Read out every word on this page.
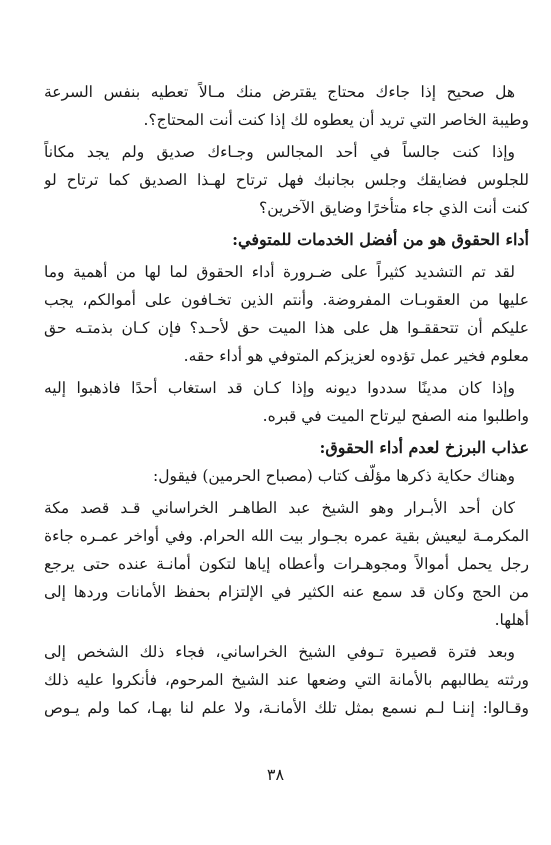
هل صحيح إذا جاءك محتاج يقترض منك مـالاً تعطيه بنفس السرعة
وطيبة الخاصر التي تريد أن يعطوه لك إذا كنت أنت المحتاج؟.
وإذا كنت جالساً في أحد المجالس وجـاءك صديق ولم يجد مكاناً
للجلوس فضايقك وجلس بجانبك فهل ترتاح لهـذا الصديق كما ترتاح لو
كنت أنت الذي جاء متأخرًا وضايق الآخرين؟
أداء الحقوق هو من أفضل الخدمات للمتوفي:
لقد تم التشديد كثيراً على ضـرورة أداء الحقوق لما لها من أهمية وما
عليها من العقوبـات المفروضة. وأنتم الذين تخـافون على أموالكم، يجب
عليكم أن تتحققـوا هل على هذا الميت حق لأحـد؟ فإن كـان بذمتـه حق
معلوم فخير عمل تؤدوه لعزيزكم المتوفي هو أداء حقه.
وإذا كان مدينًا سددوا ديونه وإذا كـان قد استغاب أحدًا فاذهبوا إليه
واطلبوا منه الصفح ليرتاح الميت في قبره.
عذاب البرزخ لعدم أداء الحقوق:
وهناك حكاية ذكرها مؤلّف كتاب (مصباح الحرمين) فيقول:
كان أحد الأبـرار وهو الشيخ عبد الطاهـر الخراساني قـد قصد مكة
المكرمـة ليعيش بقية عمره بجـوار بيت الله الحرام. وفي أواخر عمـره جاءة
رجل يحمل أموالاً ومجوهـرات وأعطاه إياها لتكون أمانـة عنده حتى يرجع
من الحج وكان قد سمع عنه الكثير في الإلتزام بحفظ الأمانات وردها إلى
أهلها.
وبعد فترة قصيرة تـوفي الشيخ الخراساني، فجاء ذلك الشخص إلى
ورثته يطالبهم بالأمانة التي وضعها عند الشيخ المرحوم، فأنكروا عليه ذلك
وقـالوا: إننـا لـم نسمع بمثل تلك الأمانـة، ولا علم لنا بهـا، كما ولم يـوص
٣٨
